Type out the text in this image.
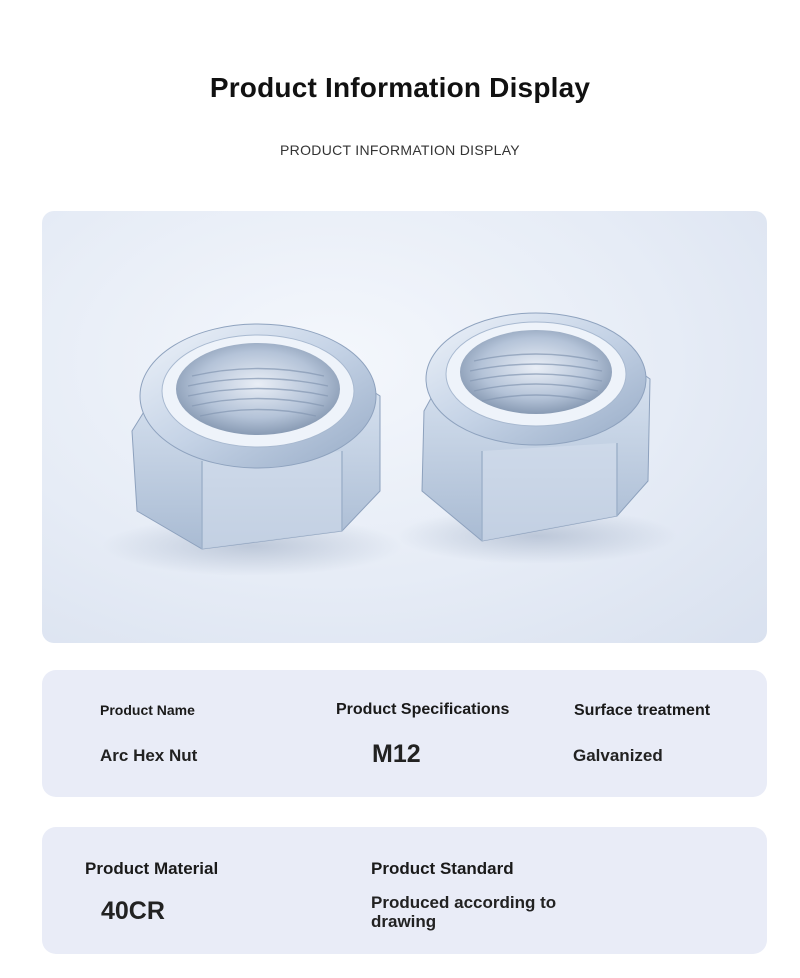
Product Information Display
PRODUCT INFORMATION DISPLAY
Product Name
Arc Hex Nut
Product Specifications
M12
Surface treatment
Galvanized
Product Material
40CR
Product Standard
Produced according to drawing
